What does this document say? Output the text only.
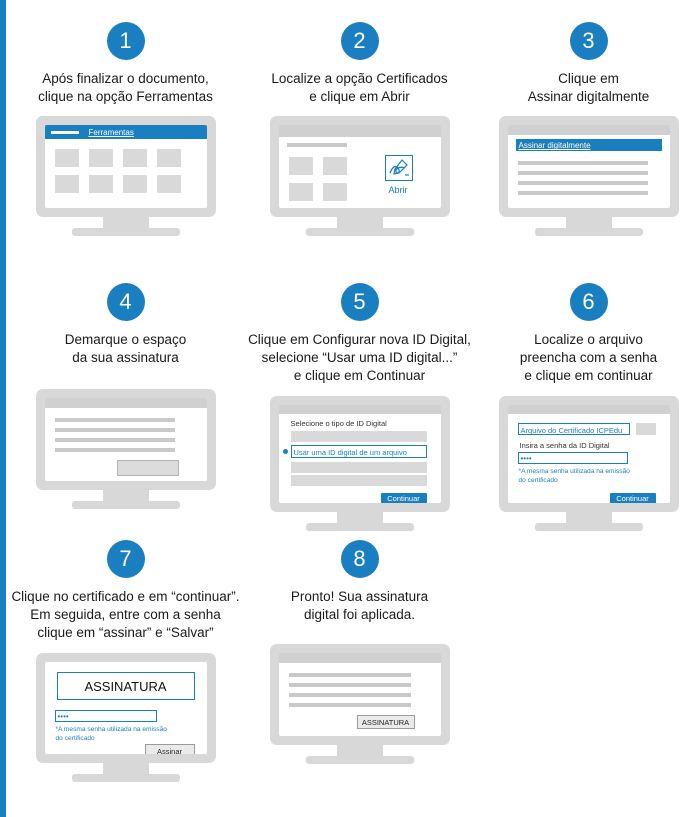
1
Após finalizar o documento,
clique na opção Ferramentas
Ferramentas
2
Localize a opção Certificados
e clique em Abrir
Abrir
3
Clique em
Assinar digitalmente
Assinar digitalmente
4
Demarque o espaço
da sua assinatura
5
Clique em Configurar nova ID Digital,
selecione “Usar uma ID digital...”
e clique em Continuar
Selecione o tipo de ID Digital
Usar uma ID digital de um arquivo
Continuar
6
Localize o arquivo
preencha com a senha
e clique em continuar
Arquivo do Certificado ICPEdu
Insira a senha da ID Digital
••••
*A mesma senha utilizada na emissão
do certificado
Continuar
7
Clique no certificado e em “continuar”.
Em seguida, entre com a senha
clique em “assinar” e “Salvar”
ASSINATURA
••••
*A mesma senha utilizada na emissão
do certificado
Assinar
8
Pronto! Sua assinatura
digital foi aplicada.
ASSINATURA
